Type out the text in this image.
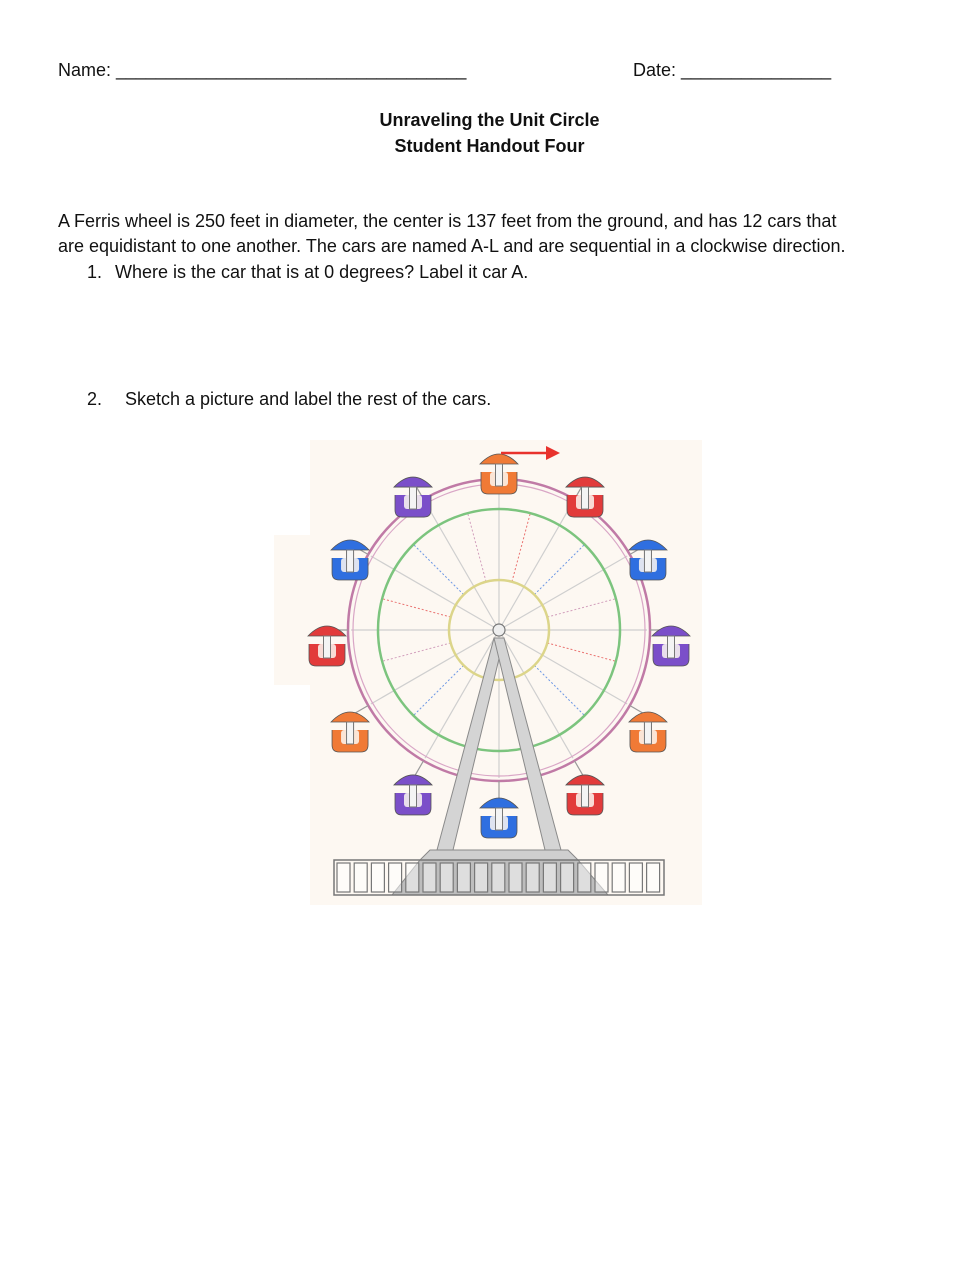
Name: ___________________________________	Date: _______________
Unraveling the Unit Circle
Student Handout Four
A Ferris wheel is 250 feet in diameter, the center is 137 feet from the ground, and has 12 cars that
are equidistant to one another. The cars are named A-L and are sequential in a clockwise direction.
1. Where is the car that is at 0 degrees? Label it car A.
2. Sketch a picture and label the rest of the cars.
